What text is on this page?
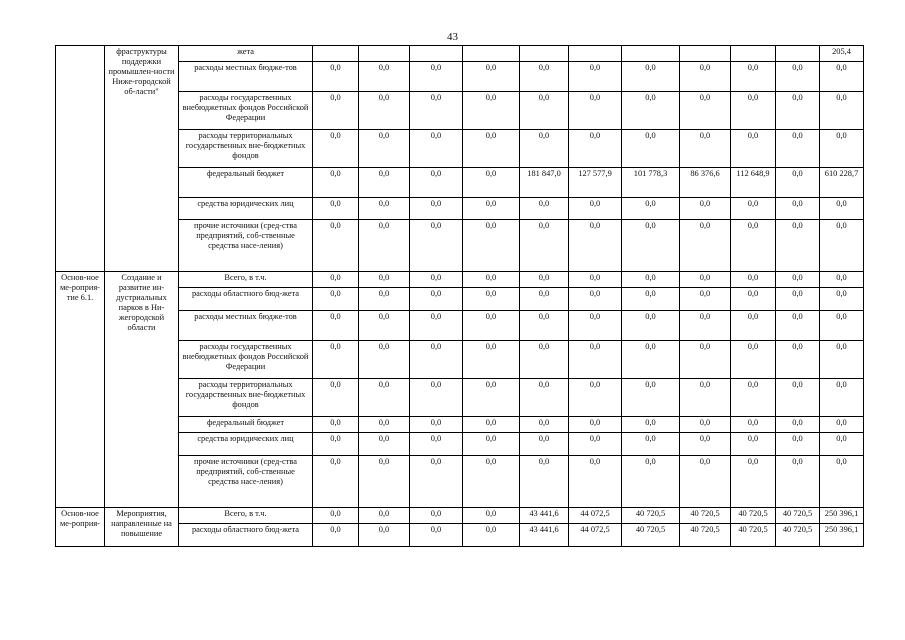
43
	фраструктуры поддержки промышлен-ности Ниже-городской об-ласти"	жета											205,4
		расходы местных бюдже-тов	0,0	0,0	0,0	0,0	0,0	0,0	0,0	0,0	0,0	0,0	0,0
		расходы государственных внебюджетных фондов Российской Федерации	0,0	0,0	0,0	0,0	0,0	0,0	0,0	0,0	0,0	0,0	0,0
		расходы территориальных государственных вне-бюджетных фондов	0,0	0,0	0,0	0,0	0,0	0,0	0,0	0,0	0,0	0,0	0,0
		федеральный бюджет	0,0	0,0	0,0	0,0	181 847,0	127 577,9	101 778,3	86 376,6	112 648,9	0,0	610 228,7
		средства юридических лиц	0,0	0,0	0,0	0,0	0,0	0,0	0,0	0,0	0,0	0,0	0,0
		прочие источники (сред-ства предприятий, соб-ственные средства насе-ления)	0,0	0,0	0,0	0,0	0,0	0,0	0,0	0,0	0,0	0,0	0,0
Основ-ное ме-роприя-тие 6.1.	Создание и развитие ин-дустриальных парков в Ни-жегородской области	Всего, в т.ч.	0,0	0,0	0,0	0,0	0,0	0,0	0,0	0,0	0,0	0,0	0,0
		расходы областного бюд-жета	0,0	0,0	0,0	0,0	0,0	0,0	0,0	0,0	0,0	0,0	0,0
		расходы местных бюдже-тов	0,0	0,0	0,0	0,0	0,0	0,0	0,0	0,0	0,0	0,0	0,0
		расходы государственных внебюджетных фондов Российской Федерации	0,0	0,0	0,0	0,0	0,0	0,0	0,0	0,0	0,0	0,0	0,0
		расходы территориальных государственных вне-бюджетных фондов	0,0	0,0	0,0	0,0	0,0	0,0	0,0	0,0	0,0	0,0	0,0
		федеральный бюджет	0,0	0,0	0,0	0,0	0,0	0,0	0,0	0,0	0,0	0,0	0,0
		средства юридических лиц	0,0	0,0	0,0	0,0	0,0	0,0	0,0	0,0	0,0	0,0	0,0
		прочие источники (сред-ства предприятий, соб-ственные средства насе-ления)	0,0	0,0	0,0	0,0	0,0	0,0	0,0	0,0	0,0	0,0	0,0
Основ-ное ме-роприя-	Мероприятия, направленные на повышение	Всего, в т.ч.	0,0	0,0	0,0	0,0	43 441,6	44 072,5	40 720,5	40 720,5	40 720,5	40 720,5	250 396,1
		расходы областного бюд-жета	0,0	0,0	0,0	0,0	43 441,6	44 072,5	40 720,5	40 720,5	40 720,5	40 720,5	250 396,1
